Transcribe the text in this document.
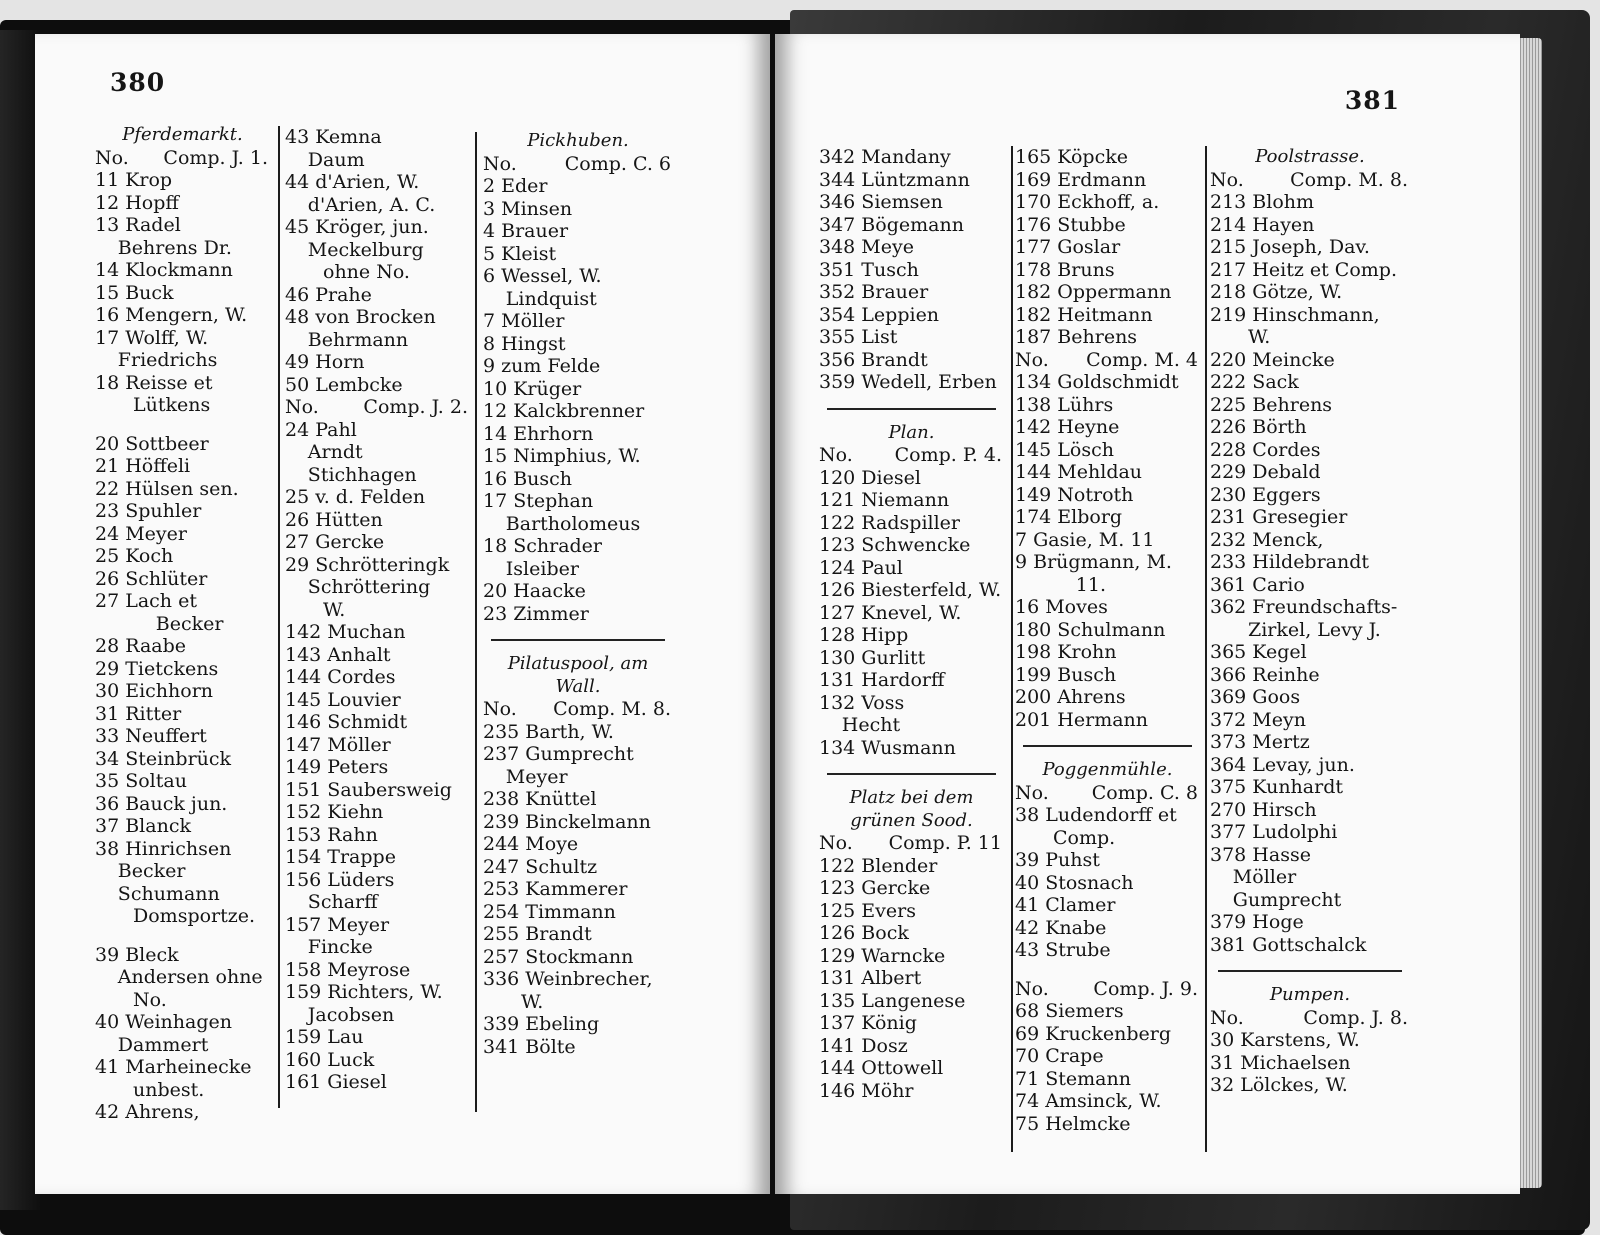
380
Pferdemarkt.
No. Comp. J. 1.
11 Krop
12 Hopff
13 Radel
Behrens Dr.
14 Klockmann
15 Buck
16 Mengern, W.
17 Wolff, W.
Friedrichs
18 Reisse et
Lütkens
20 Sottbeer
21 Höffeli
22 Hülsen sen.
23 Spuhler
24 Meyer
25 Koch
26 Schlüter
27 Lach et Becker
28 Raabe
29 Tietckens
30 Eichhorn
31 Ritter
33 Neuffert
34 Steinbrück
35 Soltau
36 Bauck jun.
37 Blanck
38 Hinrichsen
Becker
Schumann
Domsportze.
39 Bleck
Andersen ohne
No.
40 Weinhagen
Dammert
41 Marheinecke
unbest.
42 Ahrens,
43 Kemna
Daum
44 d'Arien, W.
d'Arien, A. C.
45 Kröger, jun.
Meckelburg
ohne No.
46 Prahe
48 von Brocken
Behrmann
49 Horn
50 Lembcke
No. Comp. J. 2.
24 Pahl
Arndt
Stichhagen
25 v. d. Felden
26 Hütten
27 Gercke
29 Schrötteringk
Schröttering
W.
142 Muchan
143 Anhalt
144 Cordes
145 Louvier
146 Schmidt
147 Möller
149 Peters
151 Saubersweig
152 Kiehn
153 Rahn
154 Trappe
156 Lüders
Scharff
157 Meyer
Fincke
158 Meyrose
159 Richters, W.
Jacobsen
159 Lau
160 Luck
161 Giesel
Pickhuben.
No.	Comp. C. 6
2 Eder
3 Minsen
4 Brauer
5 Kleist
6 Wessel, W.
Lindquist
7 Möller
8 Hingst
9 zum Felde
10 Krüger
12 Kalckbrenner
14 Ehrhorn
15 Nimphius, W.
16 Busch
17 Stephan
Bartholomeus
18 Schrader
Isleiber
20 Haacke
23 Zimmer
Pilatuspool, am Wall.
No. Comp. M. 8.
235 Barth, W.
237 Gumprecht
Meyer
238 Knüttel
239 Binckelmann
244 Moye
247 Schultz
253 Kammerer
254 Timmann
255 Brandt
257 Stockmann
336 Weinbrecher,
W.
339 Ebeling
341 Bölte
381
342 Mandany
344 Lüntzmann
346 Siemsen
347 Bögemann
348 Meye
351 Tusch
352 Brauer
354 Leppien
355 List
356 Brandt
359 Wedell, Erben
Plan.
No. Comp. P. 4.
120 Diesel
121 Niemann
122 Radspiller
123 Schwencke
124 Paul
126 Biesterfeld, W.
127 Knevel, W.
128 Hipp
130 Gurlitt
131 Hardorff
132 Voss
Hecht
134 Wusmann
Platz bei dem grünen Sood.
No. Comp. P. 11
122 Blender
123 Gercke
125 Evers
126 Bock
129 Warncke
131 Albert
135 Langenese
137 König
141 Dosz
144 Ottowell
146 Möhr
165 Köpcke
169 Erdmann
170 Eckhoff, a.
176 Stubbe
177 Goslar
178 Bruns
182 Oppermann
182 Heitmann
187 Behrens
No. Comp. M. 4
134 Goldschmidt
138 Lührs
142 Heyne
145 Lösch
144 Mehldau
149 Notroth
174 Elborg
7 Gasie, M. 11
9 Brügmann, M. 11.
16 Moves
180 Schulmann
198 Krohn
199 Busch
200 Ahrens
201 Hermann
Poggenmühle.
No. Comp. C. 8
38 Ludendorff et
Comp.
39 Puhst
40 Stosnach
41 Clamer
42 Knabe
43 Strube
No. Comp. J. 9.
68 Siemers
69 Kruckenberg
70 Crape
71 Stemann
74 Amsinck, W.
75 Helmcke
Poolstrasse.
No. Comp. M. 8.
213 Blohm
214 Hayen
215 Joseph, Dav.
217 Heitz et Comp.
218 Götze, W.
219 Hinschmann,
W.
220 Meincke
222 Sack
225 Behrens
226 Börth
228 Cordes
229 Debald
230 Eggers
231 Gresegier
232 Menck,
233 Hildebrandt
361 Cario
362 Freundschafts-
Zirkel, Levy J.
365 Kegel
366 Reinhe
369 Goos
372 Meyn
373 Mertz
364 Levay, jun.
375 Kunhardt
270 Hirsch
377 Ludolphi
378 Hasse
Möller
Gumprecht
379 Hoge
381 Gottschalck
Pumpen.
No.	Comp. J. 8.
30 Karstens, W.
31 Michaelsen
32 Lölckes, W.
